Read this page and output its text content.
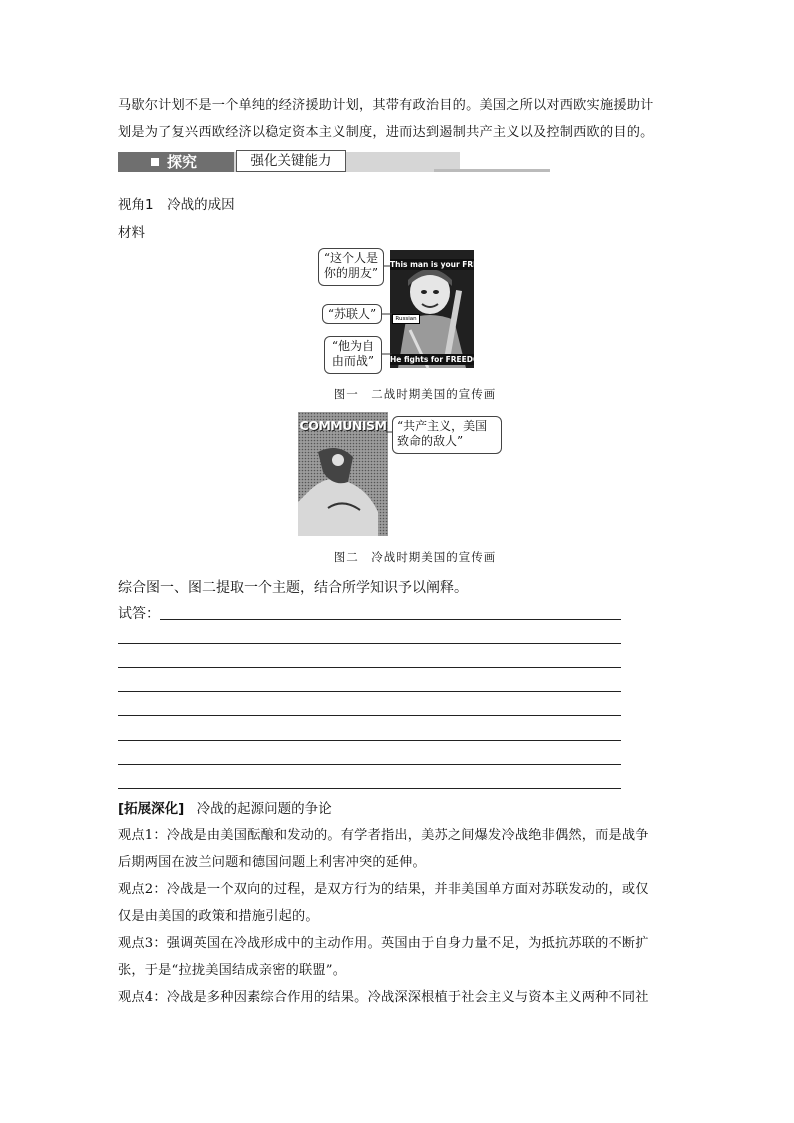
马歇尔计划不是一个单纯的经济援助计划，其带有政治目的。美国之所以对西欧实施援助计
划是为了复兴西欧经济以稳定资本主义制度，进而达到遏制共产主义以及控制西欧的目的。
探究	强化关键能力
视角1　冷战的成因
材料
This man is your FRIEND
Russian
He fights for FREEDOM
“这个人是
你的朋友”
“苏联人”
“他为自
由而战”
图一　二战时期美国的宣传画
COMMUNISM “共产主义，美国
致命的敌人”
图二　冷战时期美国的宣传画
综合图一、图二提取一个主题，结合所学知识予以阐释。
试答：
[拓展深化] 冷战的起源问题的争论
观点1：冷战是由美国酝酿和发动的。有学者指出，美苏之间爆发冷战绝非偶然，而是战争
后期两国在波兰问题和德国问题上利害冲突的延伸。
观点2：冷战是一个双向的过程，是双方行为的结果，并非美国单方面对苏联发动的，或仅
仅是由美国的政策和措施引起的。
观点3：强调英国在冷战形成中的主动作用。英国由于自身力量不足，为抵抗苏联的不断扩
张，于是“拉拢美国结成亲密的联盟”。
观点4：冷战是多种因素综合作用的结果。冷战深深根植于社会主义与资本主义两种不同社
